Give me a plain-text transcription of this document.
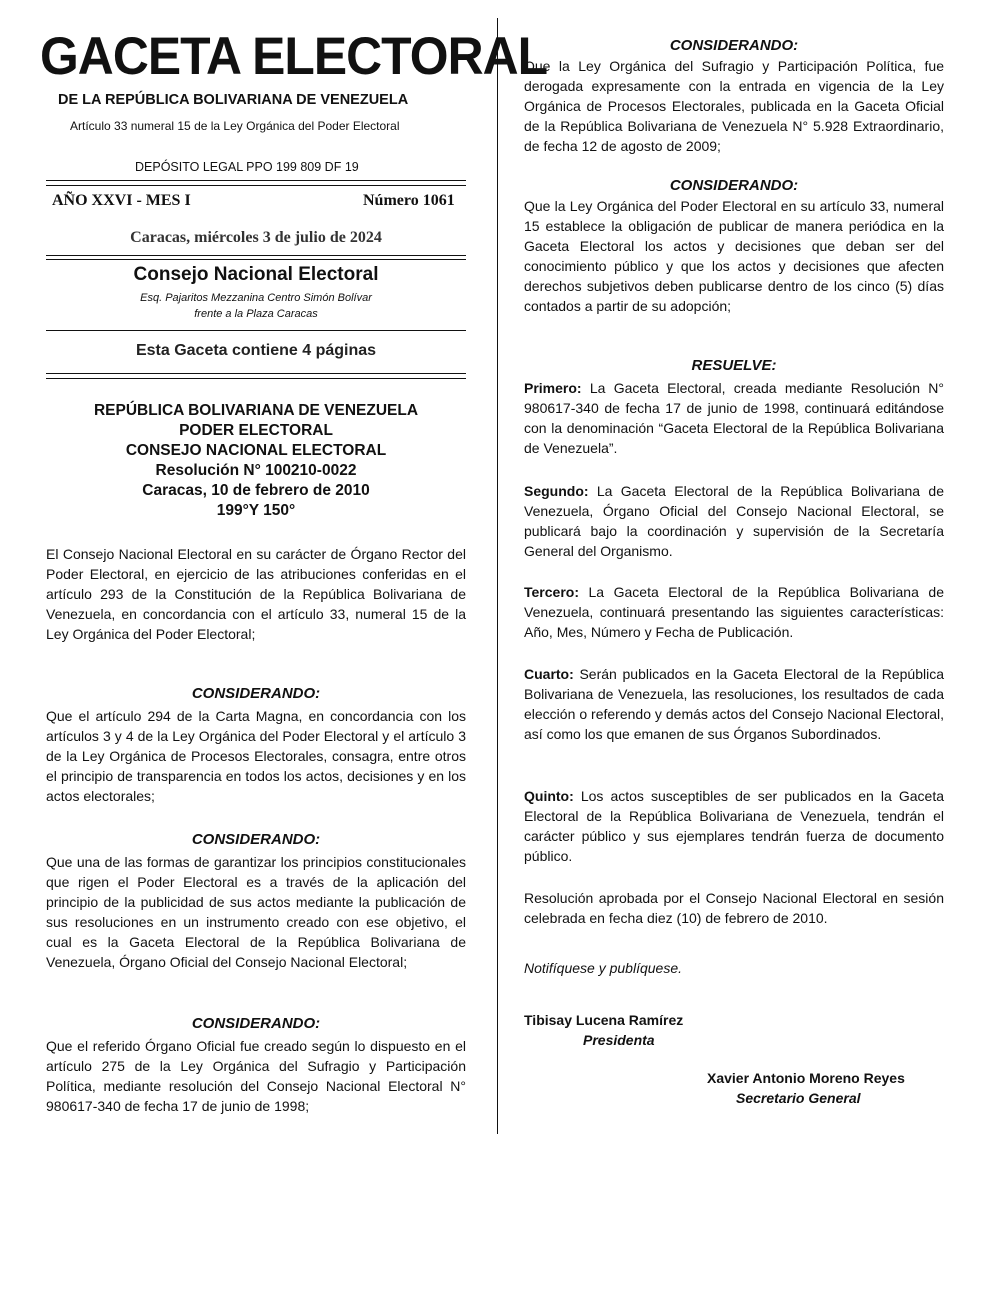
GACETA ELECTORAL
DE LA REPÚBLICA BOLIVARIANA DE VENEZUELA
Artículo 33 numeral 15 de la Ley Orgánica del Poder Electoral
DEPÓSITO LEGAL PPO 199 809 DF 19
AÑO XXVI - MES I	Número 1061
Caracas, miércoles 3 de julio de 2024
Consejo Nacional Electoral
Esq. Pajaritos Mezzanina Centro Simón Bolívar
frente a la Plaza Caracas
Esta Gaceta contiene 4 páginas
REPÚBLICA BOLIVARIANA DE VENEZUELA
PODER ELECTORAL
CONSEJO NACIONAL ELECTORAL
Resolución N° 100210-0022
Caracas, 10 de febrero de 2010
199°Y 150°
El Consejo Nacional Electoral en su carácter de Órgano Rector del Poder Electoral, en ejercicio de las atribuciones conferidas en el artículo 293 de la Constitución de la República Bolivariana de Venezuela, en concordancia con el artículo 33, numeral 15 de la Ley Orgánica del Poder Electoral;
CONSIDERANDO:
Que el artículo 294 de la Carta Magna, en concordancia con los artículos 3 y 4 de la Ley Orgánica del Poder Electoral y el artículo 3 de la Ley Orgánica de Procesos Electorales, consagra, entre otros el principio de transparencia en todos los actos, decisiones y en los actos electorales;
CONSIDERANDO:
Que una de las formas de garantizar los principios constitucionales que rigen el Poder Electoral es a través de la aplicación del principio de la publicidad de sus actos mediante la publicación de sus resoluciones en un instrumento creado con ese objetivo, el cual es la Gaceta Electoral de la República Bolivariana de Venezuela, Órgano Oficial del Consejo Nacional Electoral;
CONSIDERANDO:
Que el referido Órgano Oficial fue creado según lo dispuesto en el artículo 275 de la Ley Orgánica del Sufragio y Participación Política, mediante resolución del Consejo Nacional Electoral N° 980617-340 de fecha 17 de junio de 1998;
CONSIDERANDO:
Que la Ley Orgánica del Sufragio y Participación Política, fue derogada expresamente con la entrada en vigencia de la Ley Orgánica de Procesos Electorales, publicada en la Gaceta Oficial de la República Bolivariana de Venezuela N° 5.928 Extraordinario, de fecha 12 de agosto de 2009;
CONSIDERANDO:
Que la Ley Orgánica del Poder Electoral en su artículo 33, numeral 15 establece la obligación de publicar de manera periódica en la Gaceta Electoral los actos y decisiones que deban ser del conocimiento público y que los actos y decisiones que afecten derechos subjetivos deben publicarse dentro de los cinco (5) días contados a partir de su adopción;
RESUELVE:
Primero: La Gaceta Electoral, creada mediante Resolución N° 980617-340 de fecha 17 de junio de 1998, continuará editándose con la denominación “Gaceta Electoral de la República Bolivariana de Venezuela”.
Segundo: La Gaceta Electoral de la República Bolivariana de Venezuela, Órgano Oficial del Consejo Nacional Electoral, se publicará bajo la coordinación y supervisión de la Secretaría General del Organismo.
Tercero: La Gaceta Electoral de la República Bolivariana de Venezuela, continuará presentando las siguientes características: Año, Mes, Número y Fecha de Publicación.
Cuarto: Serán publicados en la Gaceta Electoral de la República Bolivariana de Venezuela, las resoluciones, los resultados de cada elección o referendo y demás actos del Consejo Nacional Electoral, así como los que emanen de sus Órganos Subordinados.
Quinto: Los actos susceptibles de ser publicados en la Gaceta Electoral de la República Bolivariana de Venezuela, tendrán el carácter público y sus ejemplares tendrán fuerza de documento público.
Resolución aprobada por el Consejo Nacional Electoral en sesión celebrada en fecha diez (10) de febrero de 2010.
Notifíquese y publíquese.
Tibisay Lucena Ramírez
Presidenta
Xavier Antonio Moreno Reyes
Secretario General
